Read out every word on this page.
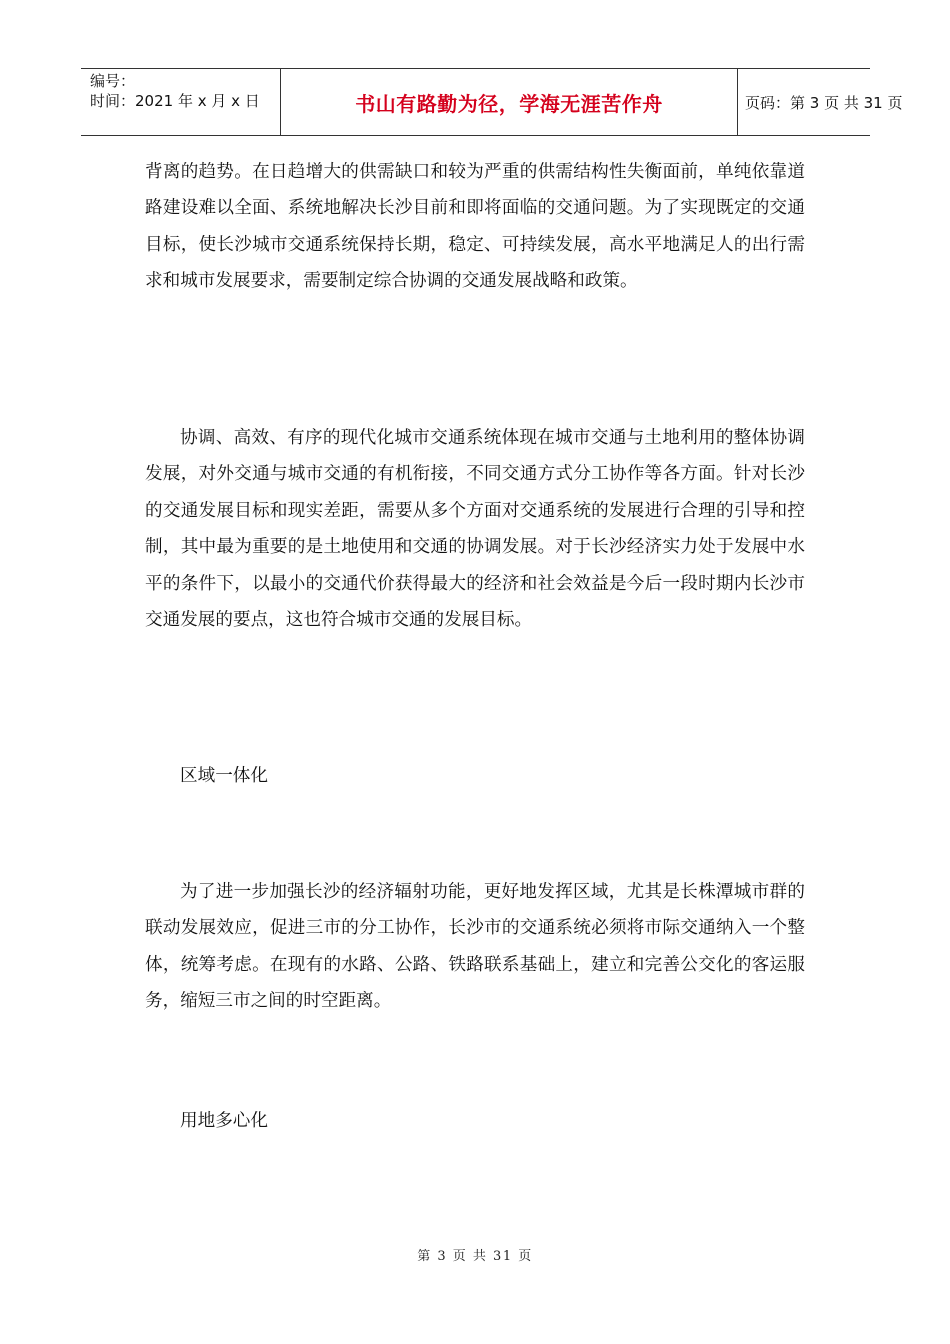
编号：
时间：2021 年 x 月 x 日	书山有路勤为径，学海无涯苦作舟	页码：第 3 页 共 31 页

背离的趋势。在日趋增大的供需缺口和较为严重的供需结构性失衡面前，单纯依靠道路建设难以全面、系统地解决长沙目前和即将面临的交通问题。为了实现既定的交通目标，使长沙城市交通系统保持长期，稳定、可持续发展，高水平地满足人的出行需求和城市发展要求，需要制定综合协调的交通发展战略和政策。

协调、高效、有序的现代化城市交通系统体现在城市交通与土地利用的整体协调发展，对外交通与城市交通的有机衔接，不同交通方式分工协作等各方面。针对长沙的交通发展目标和现实差距，需要从多个方面对交通系统的发展进行合理的引导和控制，其中最为重要的是土地使用和交通的协调发展。对于长沙经济实力处于发展中水平的条件下，以最小的交通代价获得最大的经济和社会效益是今后一段时期内长沙市交通发展的要点，这也符合城市交通的发展目标。

区域一体化

为了进一步加强长沙的经济辐射功能，更好地发挥区域，尤其是长株潭城市群的联动发展效应，促进三市的分工协作，长沙市的交通系统必须将市际交通纳入一个整体，统筹考虑。在现有的水路、公路、铁路联系基础上，建立和完善公交化的客运服务，缩短三市之间的时空距离。

用地多心化

第 3 页 共 31 页
